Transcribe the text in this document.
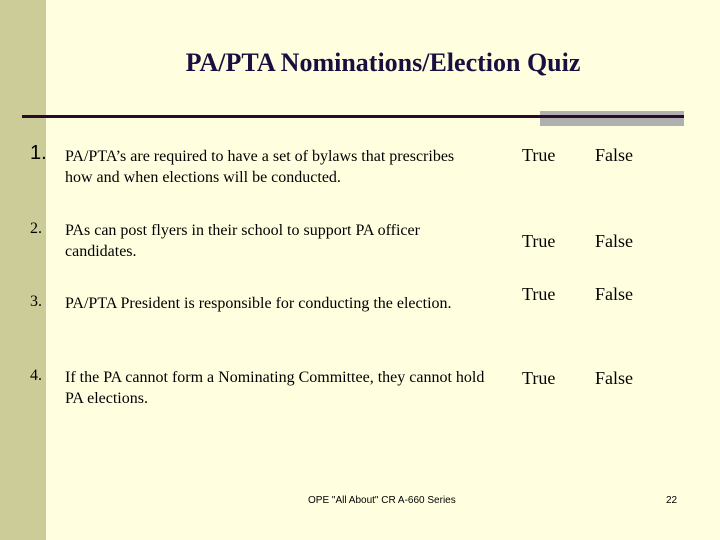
PA/PTA Nominations/Election Quiz
1. PA/PTA’s are required to have a set of bylaws that prescribes how and when elections will be conducted.
True False
2. PAs can post flyers in their school to support PA officer candidates.
True False
3. PA/PTA President is responsible for conducting the election.	True False
4. If the PA cannot form a Nominating Committee, they cannot hold PA elections.
True False
OPE "All About" CR A-660 Series	22
